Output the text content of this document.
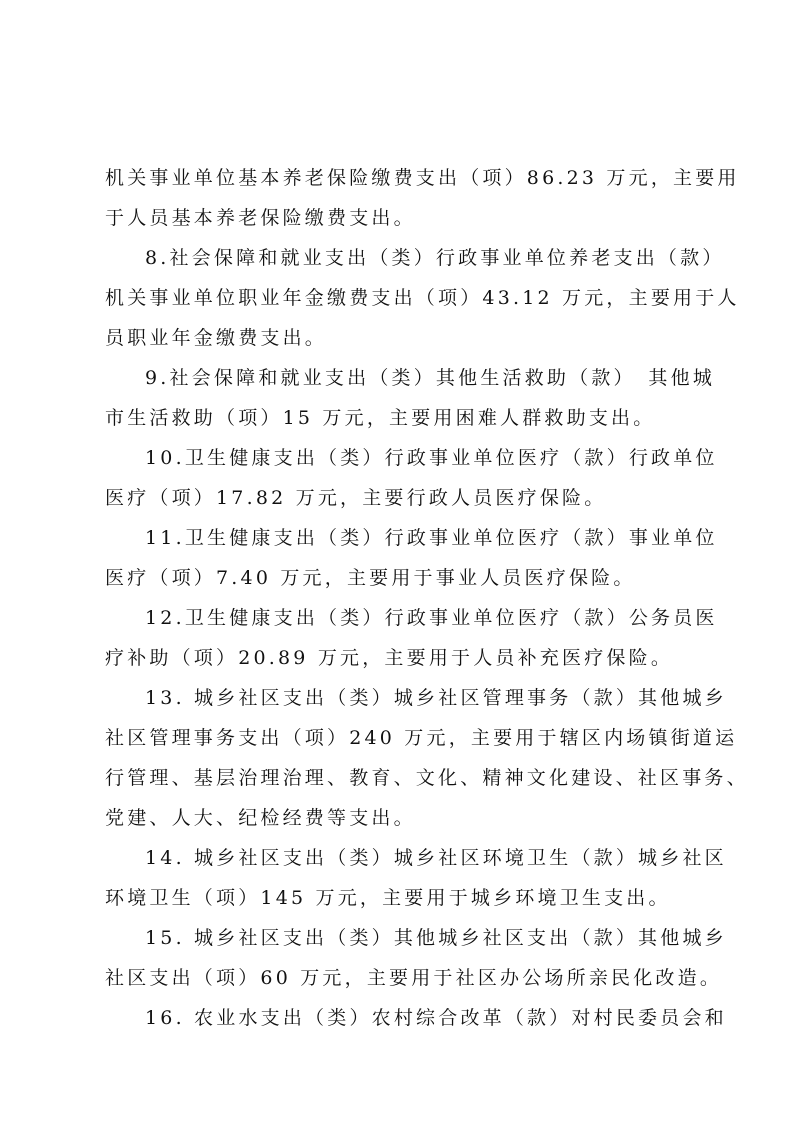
机关事业单位基本养老保险缴费支出（项）86.23 万元，主要用
于人员基本养老保险缴费支出。
8.社会保障和就业支出（类）行政事业单位养老支出（款）
机关事业单位职业年金缴费支出（项）43.12 万元，主要用于人
员职业年金缴费支出。
9.社会保障和就业支出（类）其他生活救助（款）　其他城
市生活救助（项）15 万元，主要用困难人群救助支出。
10.卫生健康支出（类）行政事业单位医疗（款）行政单位
医疗（项）17.82 万元，主要行政人员医疗保险。
11.卫生健康支出（类）行政事业单位医疗（款）事业单位
医疗（项）7.40 万元，主要用于事业人员医疗保险。
12.卫生健康支出（类）行政事业单位医疗（款）公务员医
疗补助（项）20.89 万元，主要用于人员补充医疗保险。
13. 城乡社区支出（类）城乡社区管理事务（款）其他城乡
社区管理事务支出（项）240 万元，主要用于辖区内场镇街道运
行管理、基层治理治理、教育、文化、精神文化建设、社区事务、
党建、人大、纪检经费等支出。
14. 城乡社区支出（类）城乡社区环境卫生（款）城乡社区
环境卫生（项）145 万元，主要用于城乡环境卫生支出。
15. 城乡社区支出（类）其他城乡社区支出（款）其他城乡
社区支出（项）60 万元，主要用于社区办公场所亲民化改造。
16. 农业水支出（类）农村综合改革（款）对村民委员会和
